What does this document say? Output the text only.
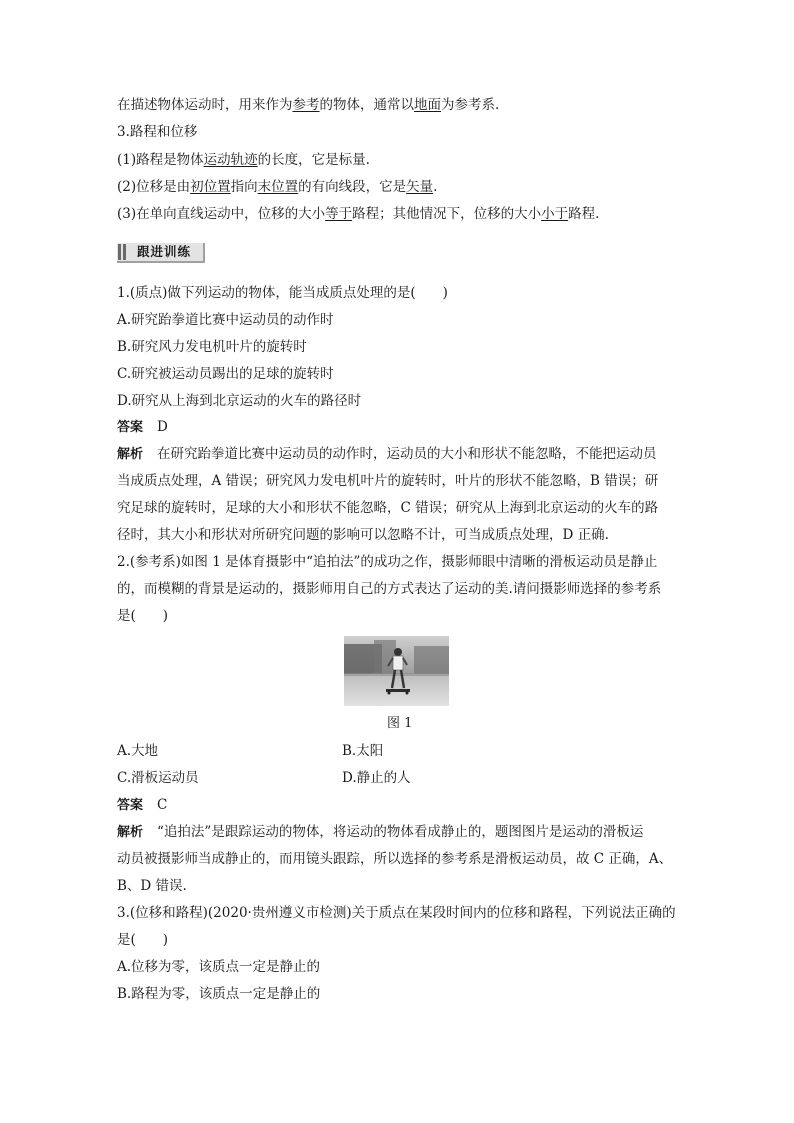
在描述物体运动时，用来作为参考的物体，通常以地面为参考系.
3.路程和位移
(1)路程是物体运动轨迹的长度，它是标量.
(2)位移是由初位置指向末位置的有向线段，它是矢量.
(3)在单向直线运动中，位移的大小等于路程；其他情况下，位移的大小小于路程.
跟进训练
1.(质点)做下列运动的物体，能当成质点处理的是(　　)
A.研究跆拳道比赛中运动员的动作时
B.研究风力发电机叶片的旋转时
C.研究被运动员踢出的足球的旋转时
D.研究从上海到北京运动的火车的路径时
答案 D
解析 在研究跆拳道比赛中运动员的动作时，运动员的大小和形状不能忽略，不能把运动员
当成质点处理，A 错误；研究风力发电机叶片的旋转时，叶片的形状不能忽略，B 错误；研
究足球的旋转时，足球的大小和形状不能忽略，C 错误；研究从上海到北京运动的火车的路
径时，其大小和形状对所研究问题的影响可以忽略不计，可当成质点处理，D 正确.
2.(参考系)如图 1 是体育摄影中“追拍法”的成功之作，摄影师眼中清晰的滑板运动员是静止
的，而模糊的背景是运动的，摄影师用自己的方式表达了运动的美.请问摄影师选择的参考系
是(　　)
图 1
A.大地	B.太阳
C.滑板运动员	D.静止的人
答案 C
解析 “追拍法”是跟踪运动的物体，将运动的物体看成静止的，题图图片是运动的滑板运
动员被摄影师当成静止的，而用镜头跟踪，所以选择的参考系是滑板运动员，故 C 正确，A、
B、D 错误.
3.(位移和路程)(2020·贵州遵义市检测)关于质点在某段时间内的位移和路程，下列说法正确的
是(　　)
A.位移为零，该质点一定是静止的
B.路程为零，该质点一定是静止的
